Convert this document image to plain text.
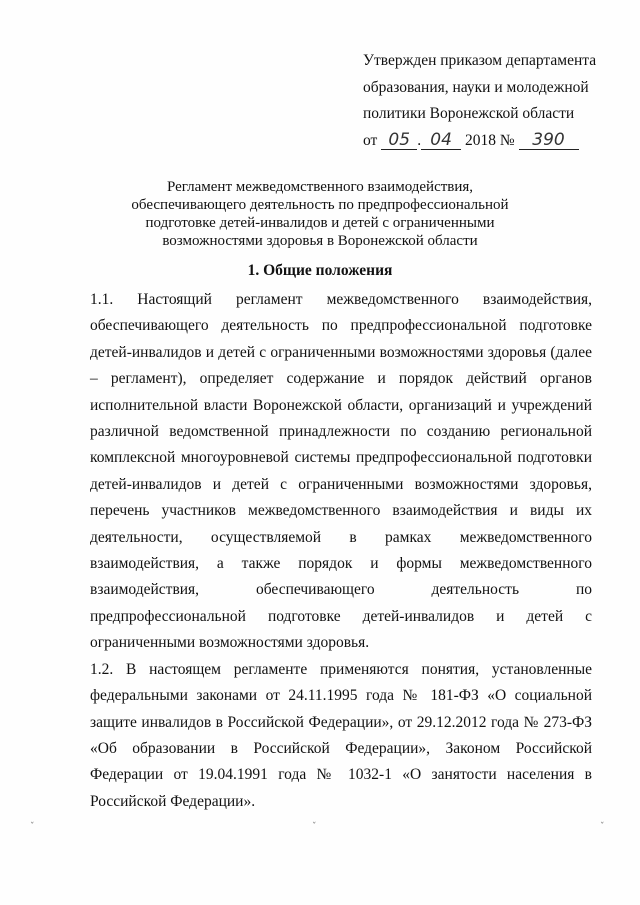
Утвержден приказом департамента
образования, науки и молодежной
политики Воронежской области
от 05 . 04 2018 № 390
Регламент межведомственного взаимодействия,
обеспечивающего деятельность по предпрофессиональной
подготовке детей-инвалидов и детей с ограниченными
возможностями здоровья в Воронежской области
1. Общие положения

1.1. Настоящий регламент межведомственного взаимодействия, обеспечивающего деятельность по предпрофессиональной подготовке детей-инвалидов и детей с ограниченными возможностями здоровья (далее – регламент), определяет содержание и порядок действий органов исполнительной власти Воронежской области, организаций и учреждений различной ведомственной принадлежности по созданию региональной комплексной многоуровневой системы предпрофессиональной подготовки детей-инвалидов и детей с ограниченными возможностями здоровья, перечень участников межведомственного взаимодействия и виды их деятельности, осуществляемой в рамках межведомственного взаимодействия, а также порядок и формы межведомственного взаимодействия, обеспечивающего деятельность по предпрофессиональной подготовке детей-инвалидов и детей с ограниченными возможностями здоровья.

1.2. В настоящем регламенте применяются понятия, установленные федеральными законами от 24.11.1995 года № 181-ФЗ «О социальной защите инвалидов в Российской Федерации», от 29.12.2012 года № 273-ФЗ «Об образовании в Российской Федерации», Законом Российской Федерации от 19.04.1991 года № 1032-1 «О занятости населения в Российской Федерации».

ˇ	ˇ	ˇ
